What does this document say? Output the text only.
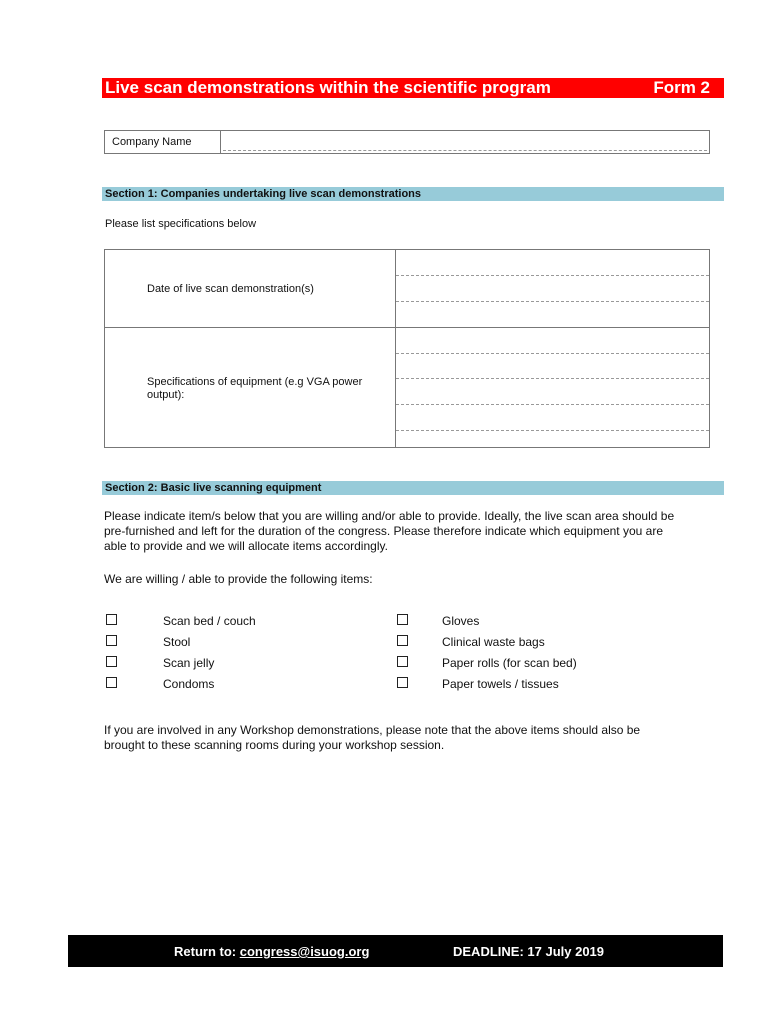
Live scan demonstrations within the scientific program	Form 2
Company Name
Section 1: Companies undertaking live scan demonstrations
Please list specifications below
Date of live scan demonstration(s)
Specifications of equipment (e.g VGA power
output):
Section 2: Basic live scanning equipment
Please indicate item/s below that you are willing and/or able to provide. Ideally, the live scan area should be
pre-furnished and left for the duration of the congress. Please therefore indicate which equipment you are
able to provide and we will allocate items accordingly.
We are willing / able to provide the following items:
Scan bed / couch
Stool
Scan jelly
Condoms
Gloves
Clinical waste bags
Paper rolls (for scan bed)
Paper towels / tissues
If you are involved in any Workshop demonstrations, please note that the above items should also be
brought to these scanning rooms during your workshop session.
Return to: congress@isuog.org	DEADLINE: 17 July 2019
